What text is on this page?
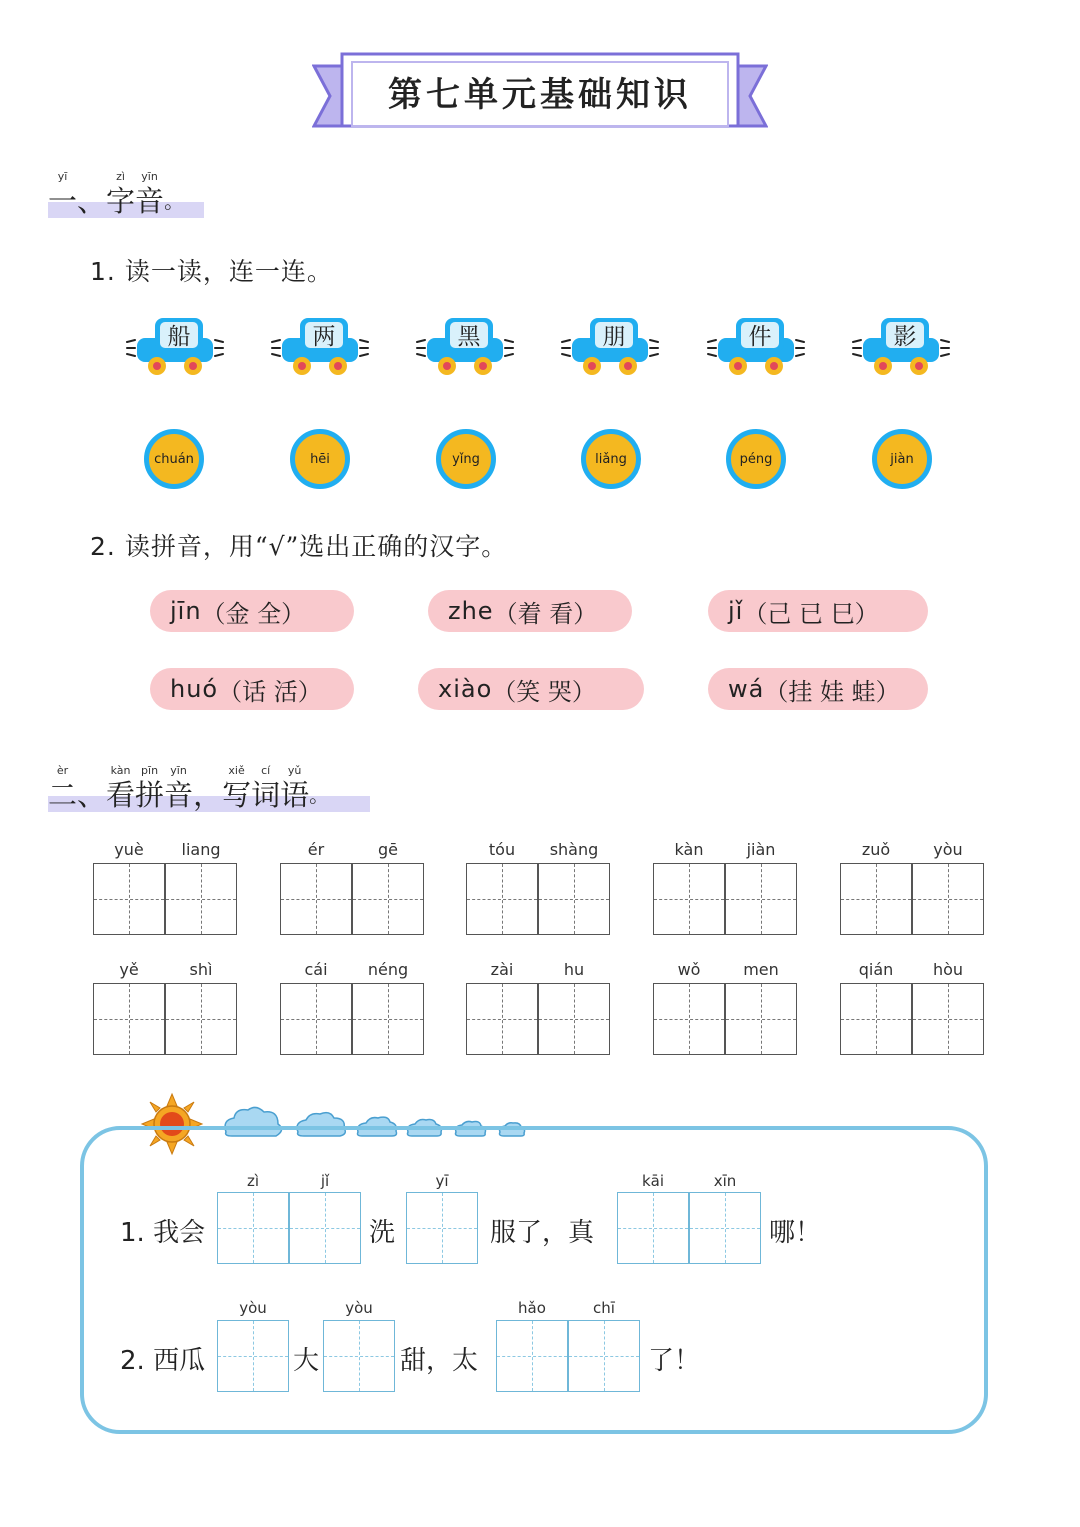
第七单元基础知识
yī
一 、
zì
字
yīn
音 。
1. 读一读，连一连。
船	两	黑	朋	件	影
chuán	hēi	yǐng	liǎng	péng	jiàn
2. 读拼音，用“√”选出正确的汉字。
jīn （金 全）	zhe （着 看）	jǐ （己 已 巳）
huó （话 活）	xiào （笑 哭）	wá （挂 娃 蛙）
èr
二 、
kàn
看
pīn
拼
yīn
音 ，
xiě
写
cí
词
yǔ
语 。
yuè	liang	ér	gē	tóu	shàng	kàn	jiàn	zuǒ	yòu
yě	shì	cái	néng	zài	hu	wǒ	men	qián	hòu
1. 我会
zì	jǐ
洗
yī
服了，真
kāi	xīn
哪！
2. 西瓜
yòu
大
yòu
甜，太
hǎo	chī
了！
